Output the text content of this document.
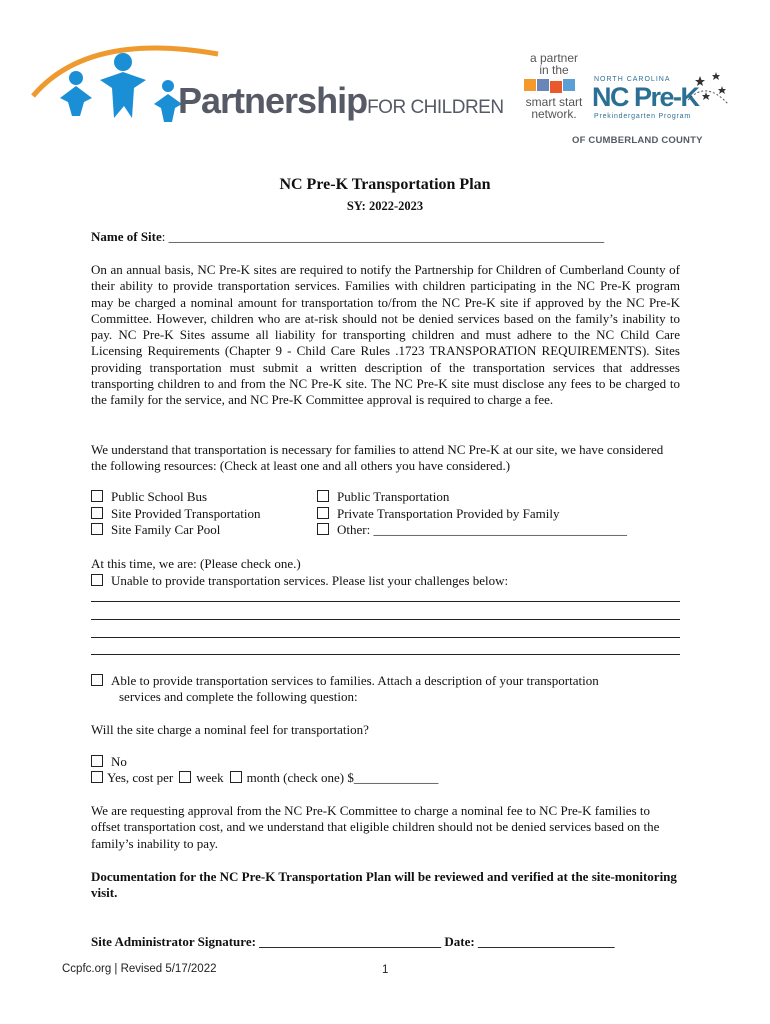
PartnershipFOR CHILDREN
a partner
in the
smart start
network.
NORTH CAROLINA
NC Pre-K
Prekindergarten Program
OF CUMBERLAND COUNTY
NC Pre-K Transportation Plan
SY: 2022-2023
Name of Site: ___________________________________________________________________

On an annual basis, NC Pre-K sites are required to notify the Partnership for Children of Cumberland County of their ability to provide transportation services. Families with children participating in the NC Pre-K program may be charged a nominal amount for transportation to/from the NC Pre-K site if approved by the NC Pre-K Committee. However, children who are at-risk should not be denied services based on the family’s inability to pay. NC Pre-K Sites assume all liability for transporting children and must adhere to the NC Child Care Licensing Requirements (Chapter 9 - Child Care Rules .1723 TRANSPORATION REQUIREMENTS). Sites providing transportation must submit a written description of the transportation services that addresses transporting children to and from the NC Pre-K site. The NC Pre-K site must disclose any fees to be charged to the family for the service, and NC Pre-K Committee approval is required to charge a fee.

We understand that transportation is necessary for families to attend NC Pre-K at our site, we have considered the following resources: (Check at least one and all others you have considered.)

Public School Bus
Site Provided Transportation
Site Family Car Pool
Public Transportation
Private Transportation Provided by Family
Other: _______________________________________
At this time, we are: (Please check one.)
Unable to provide transportation services. Please list your challenges below:
Able to provide transportation services to families. Attach a description of your transportation
services and complete the following question:
Will the site charge a nominal feel for transportation?
No
Yes, cost per week month (check one) $_____________

We are requesting approval from the NC Pre-K Committee to charge a nominal fee to NC Pre-K families to offset transportation cost, and we understand that eligible children should not be denied services based on the family’s inability to pay.

Documentation for the NC Pre-K Transportation Plan will be reviewed and verified at the site-monitoring visit.

Site Administrator Signature: ____________________________ Date: _____________________
Ccpfc.org | Revised 5/17/2022	1
